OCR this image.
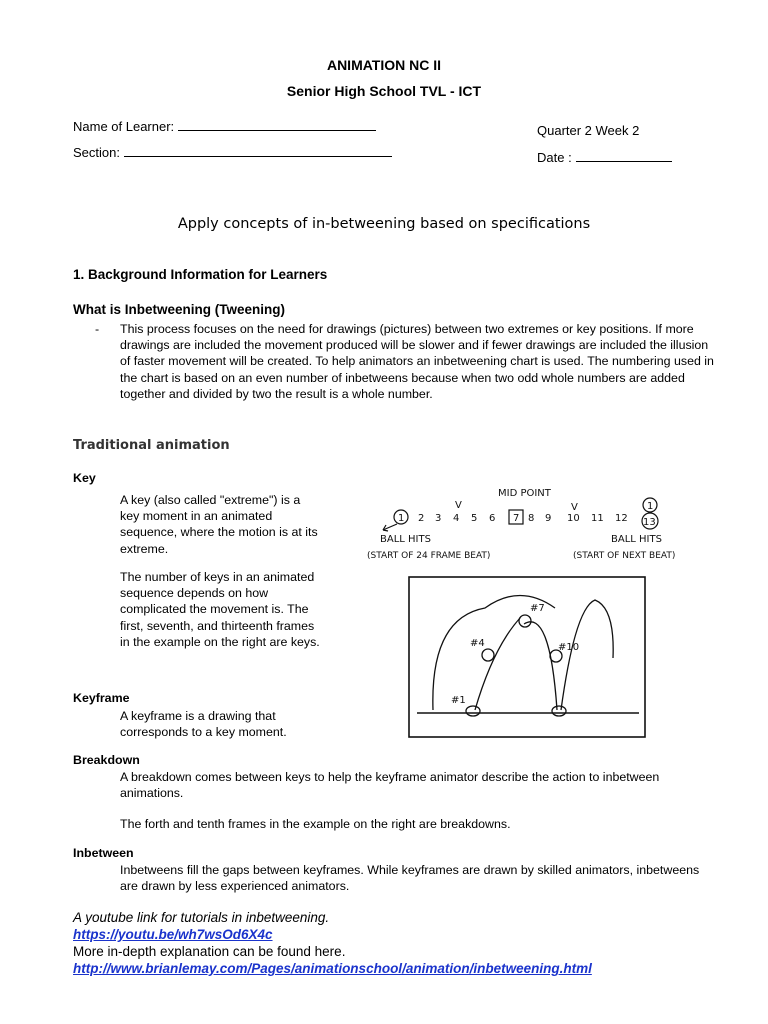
ANIMATION NC II
Senior High School TVL - ICT
Name of Learner:
Section:
Quarter 2 Week 2
Date :
Apply concepts of in-betweening based on specifications
1. Background Information for Learners
What is Inbetweening (Tweening)
- This process focuses on the need for drawings (pictures) between two extremes or key positions. If more drawings are included the movement produced will be slower and if fewer drawings are included the illusion of faster movement will be created. To help animators an inbetweening chart is used. The numbering used in the chart is based on an even number of inbetweens because when two odd whole numbers are added together and divided by two the result is a whole number.
Traditional animation
Key
A key (also called "extreme") is a key moment in an animated sequence, where the motion is at its extreme.
The number of keys in an animated sequence depends on how complicated the movement is. The first, seventh, and thirteenth frames in the example on the right are keys.
Keyframe
A keyframe is a drawing that corresponds to a key moment.
Breakdown
A breakdown comes between keys to help the keyframe animator describe the action to inbetween animations.
The forth and tenth frames in the example on the right are breakdowns.
Inbetween
Inbetweens fill the gaps between keyframes. While keyframes are drawn by skilled animators, inbetweens are drawn by less experienced animators.
MID POINT
V	V	1
1 2 3 4 5 6 7 8 9 10 11 12 13
BALL HITS
(START OF 24 FRAME BEAT)
BALL HITS
(START OF NEXT BEAT)
#1
#4
#7
#10
A youtube link for tutorials in inbetweening.
https://youtu.be/wh7wsOd6X4c
More in-depth explanation can be found here.
http://www.brianlemay.com/Pages/animationschool/animation/inbetweening.html
